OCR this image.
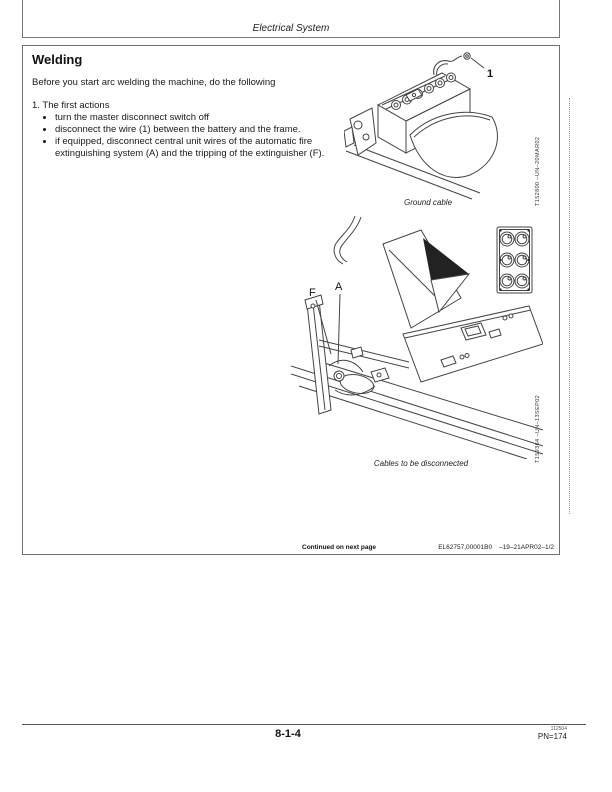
Electrical System
Welding
Before you start arc welding the machine, do the following

1. The first actions

• turn the master disconnect switch off
• disconnect the wire (1) between the battery and the frame.
• if equipped, disconnect central unit wires of the automatic fire extinguishing system (A) and the tripping of the extinguisher (F).
1
Ground cable	T152800 –UN–20MAR02
F A
Cables to be disconnected
T159364 –UN–13SEP02
Continued on next page	EL62757,00001B0 –19–21APR02–1/2
8-1-4	112504
PN=174
